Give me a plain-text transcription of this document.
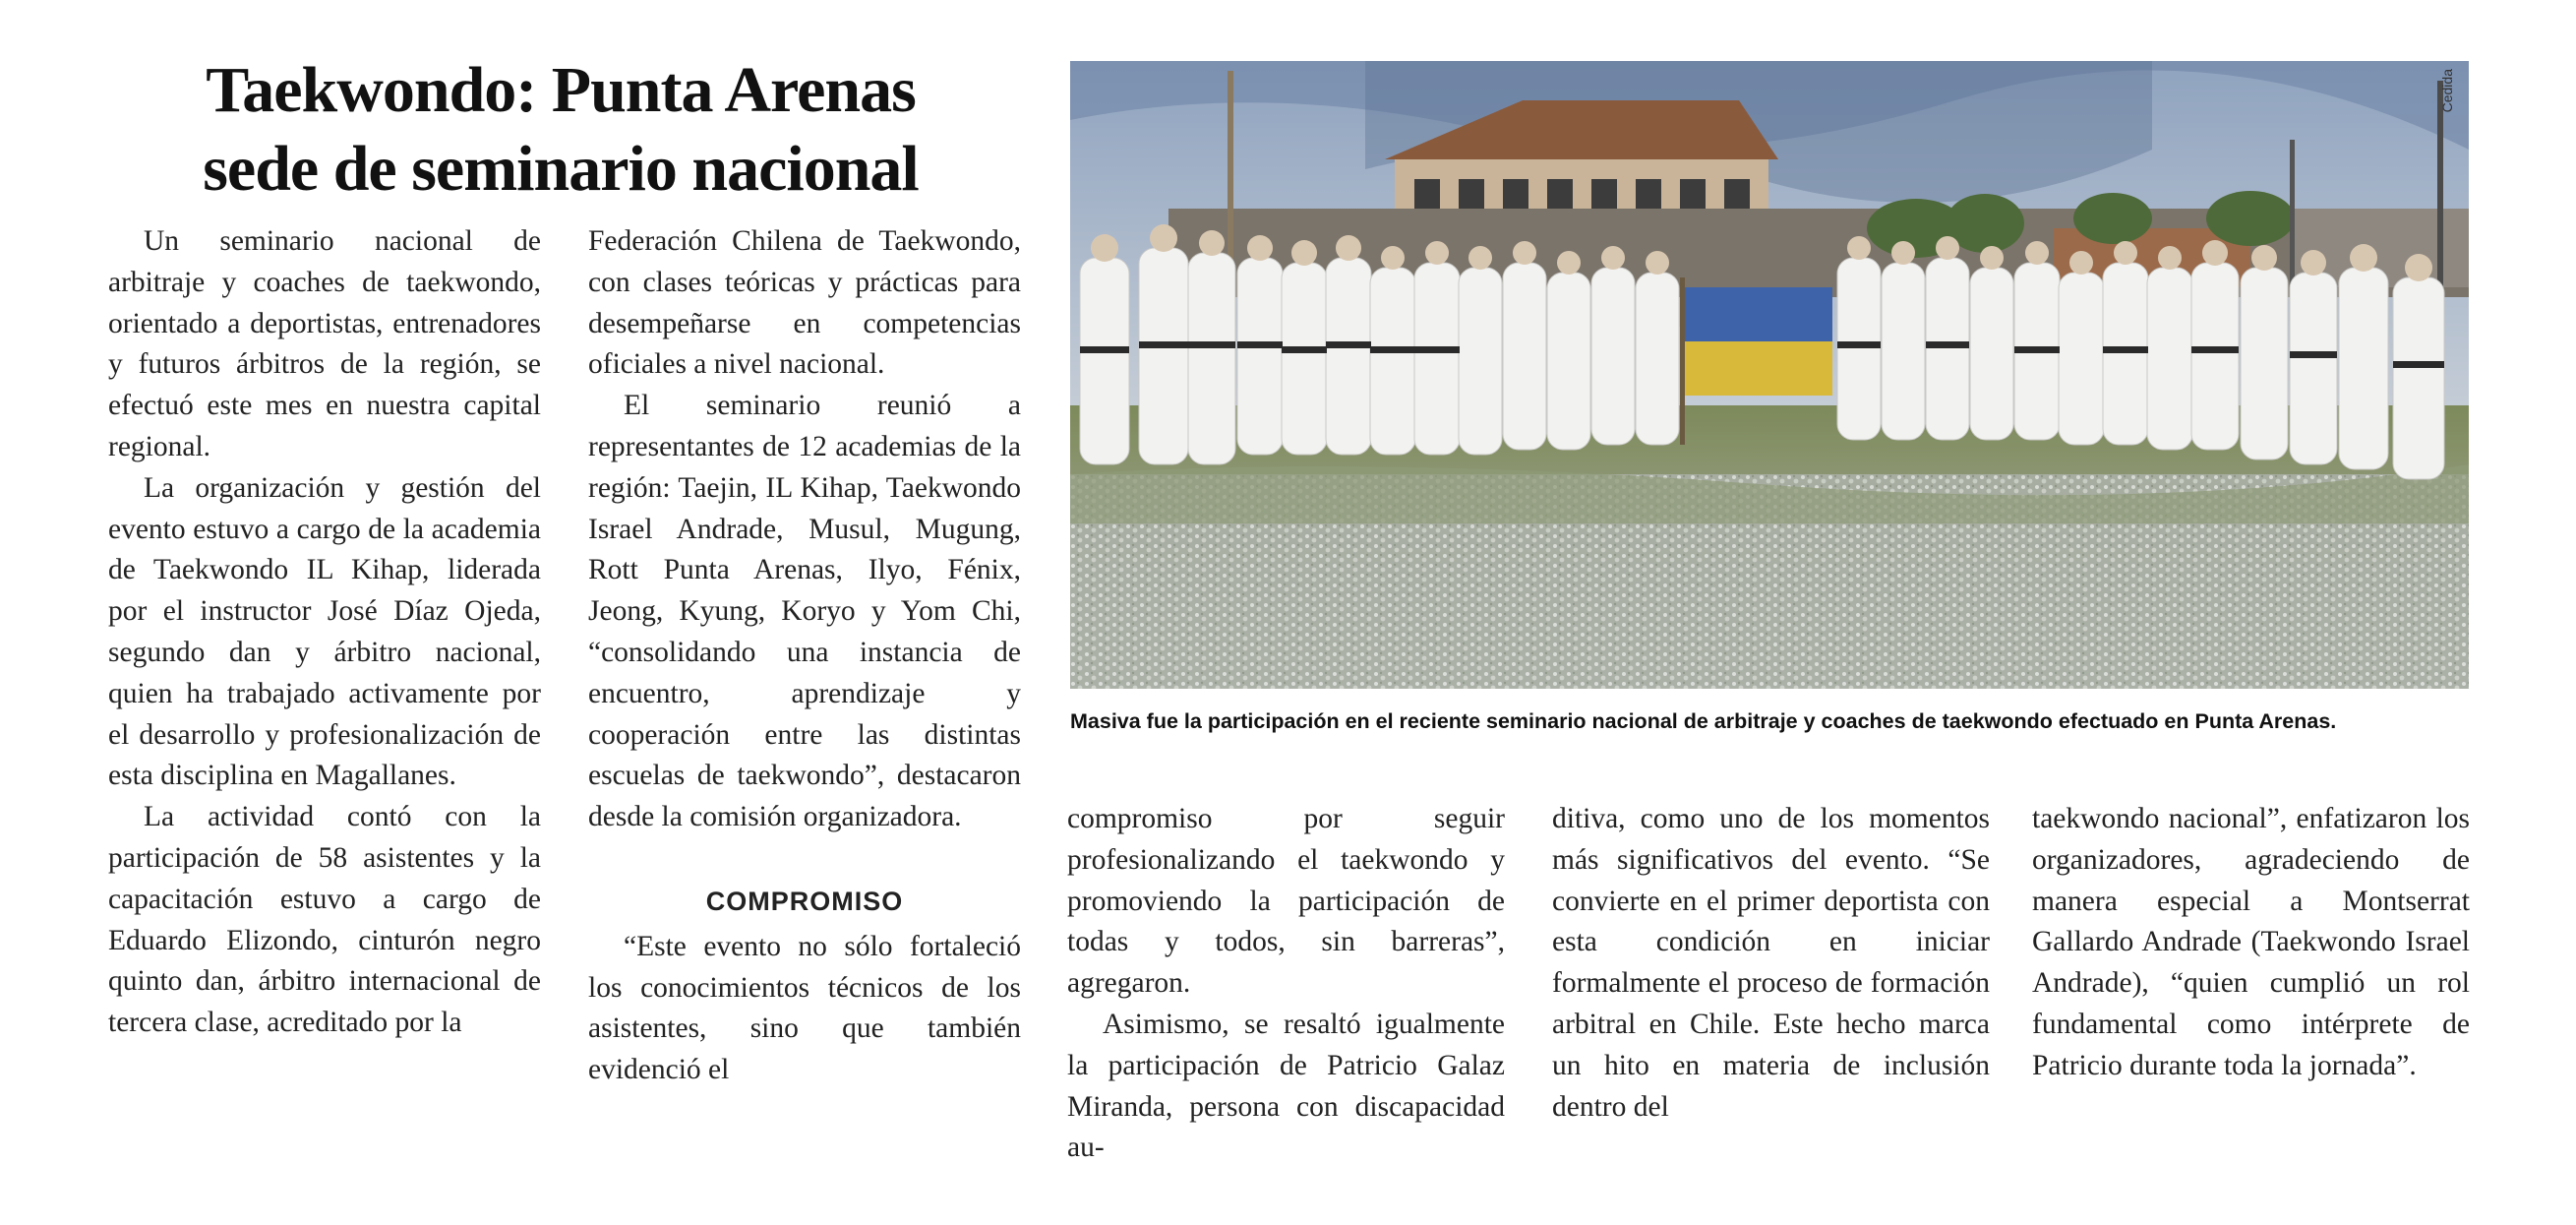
Taekwondo: Punta Arenas
sede de seminario nacional

Un seminario nacional de arbitraje y coaches de taekwondo, orientado a deportistas, entrenadores y futuros árbitros de la región, se efectuó este mes en nuestra capital regional.

La organización y gestión del evento estuvo a cargo de la academia de Taekwondo IL Kihap, liderada por el instructor José Díaz Ojeda, segundo dan y árbitro nacional, quien ha trabajado activamente por el desarrollo y profesionalización de esta disciplina en Magallanes.

La actividad contó con la participación de 58 asistentes y la capacitación estuvo a cargo de Eduardo Elizondo, cinturón negro quinto dan, árbitro internacional de tercera clase, acreditado por la

Federación Chilena de Taekwondo, con clases teóricas y prácticas para desempeñarse en competencias oficiales a nivel nacional.

El seminario reunió a representantes de 12 academias de la región: Taejin, IL Kihap, Taekwondo Israel Andrade, Musul, Mugung, Rott Punta Arenas, Ilyo, Fénix, Jeong, Kyung, Koryo y Yom Chi, “consolidando una instancia de encuentro, aprendizaje y cooperación entre las distintas escuelas de taekwondo”, destacaron desde la comisión organizadora.

COMPROMISO

“Este evento no sólo fortaleció los conocimientos técnicos de los asistentes, sino que también evidenció el

Cedida
Masiva fue la participación en el reciente seminario nacional de arbitraje y coaches de taekwondo efectuado en Punta Arenas.

compromiso por seguir profesionalizando el taekwondo y promoviendo la participación de todas y todos, sin barreras”, agregaron.

Asimismo, se resaltó igualmente la participación de Patricio Galaz Miranda, persona con discapacidad au-

ditiva, como uno de los momentos más significativos del evento. “Se convierte en el primer deportista con esta condición en iniciar formalmente el proceso de formación arbitral en Chile. Este hecho marca un hito en materia de inclusión dentro del

taekwondo nacional”, enfatizaron los organizadores, agradeciendo de manera especial a Montserrat Gallardo Andrade (Taekwondo Israel Andrade), “quien cumplió un rol fundamental como intérprete de Patricio durante toda la jornada”.
